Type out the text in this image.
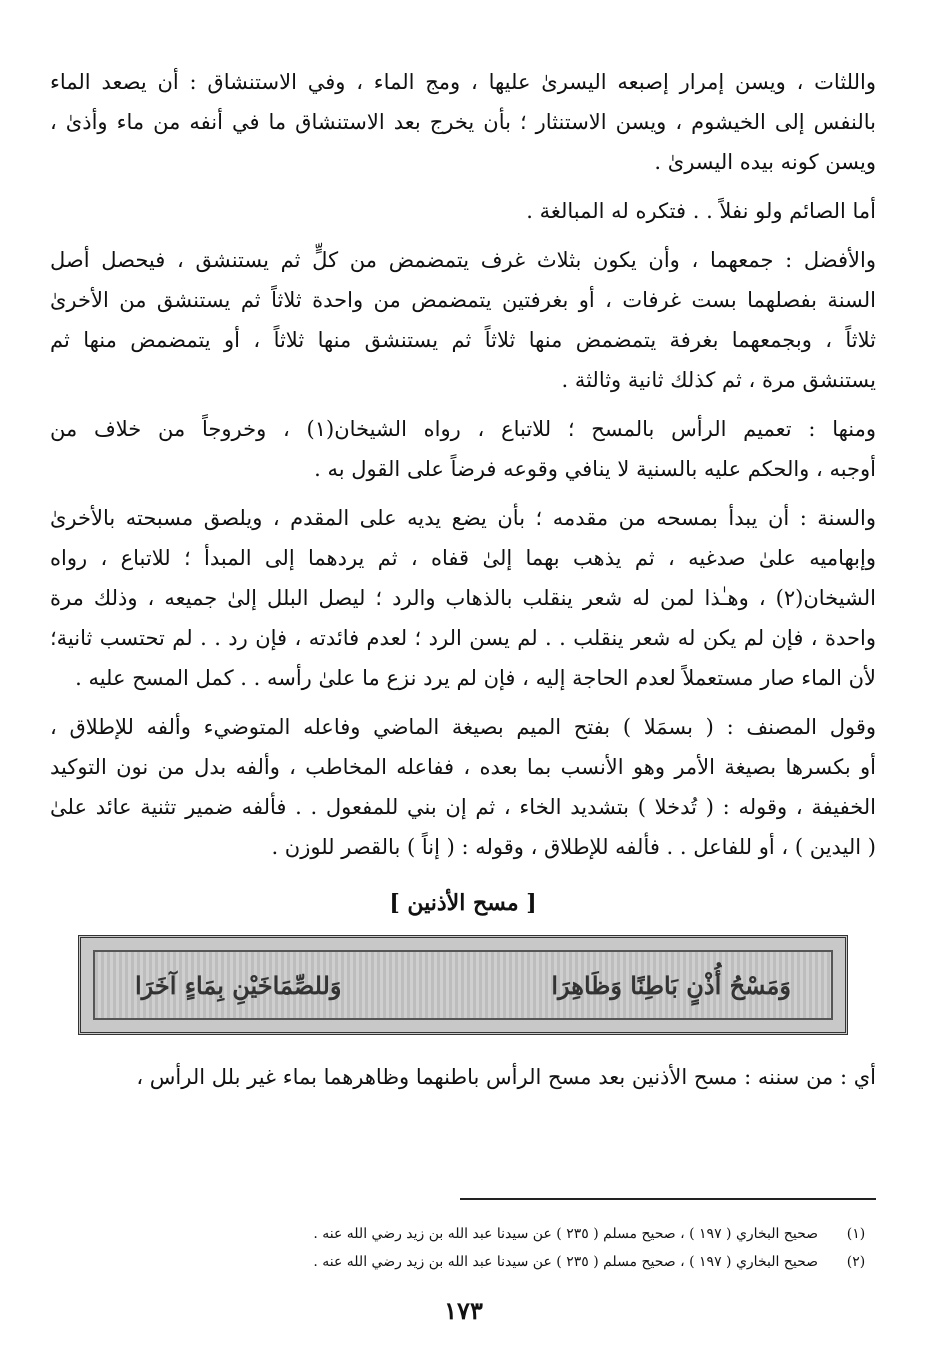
واللثات ، ويسن إمرار إصبعه اليسرىٰ عليها ، ومج الماء ، وفي الاستنشاق : أن يصعد الماء
بالنفس إلى الخيشوم ، ويسن الاستنثار ؛ بأن يخرج بعد الاستنشاق ما في أنفه من ماء وأذىٰ ،
ويسن كونه بيده اليسرىٰ .
أما الصائم ولو نفلاً . . فتكره له المبالغة .
والأفضل : جمعهما ، وأن يكون بثلاث غرف يتمضمض من كلٍّ ثم يستنشق ، فيحصل أصل
السنة بفصلهما بست غرفات ، أو بغرفتين يتمضمض من واحدة ثلاثاً ثم يستنشق من الأخرىٰ
ثلاثاً ، وبجمعهما بغرفة يتمضمض منها ثلاثاً ثم يستنشق منها ثلاثاً ، أو يتمضمض منها ثم
يستنشق مرة ، ثم كذلك ثانية وثالثة .
ومنها : تعميم الرأس بالمسح ؛ للاتباع ، رواه الشيخان(١) ، وخروجاً من خلاف من
أوجبه ، والحكم عليه بالسنية لا ينافي وقوعه فرضاً على القول به .
والسنة : أن يبدأ بمسحه من مقدمه ؛ بأن يضع يديه على المقدم ، ويلصق مسبحته بالأخرىٰ
وإبهاميه علىٰ صدغيه ، ثم يذهب بهما إلىٰ قفاه ، ثم يردهما إلى المبدأ ؛ للاتباع ، رواه
الشيخان(٢) ، وهـٰذا لمن له شعر ينقلب بالذهاب والرد ؛ ليصل البلل إلىٰ جميعه ، وذلك مرة
واحدة ، فإن لم يكن له شعر ينقلب . . لم يسن الرد ؛ لعدم فائدته ، فإن رد . . لم تحتسب ثانية؛
لأن الماء صار مستعملاً لعدم الحاجة إليه ، فإن لم يرد نزع ما علىٰ رأسه . . كمل المسح عليه .
وقول المصنف : ( بسمَلا ) بفتح الميم بصيغة الماضي وفاعله المتوضيء وألفه للإطلاق ،
أو بكسرها بصيغة الأمر وهو الأنسب بما بعده ، ففاعله المخاطب ، وألفه بدل من نون التوكيد
الخفيفة ، وقوله : ( تُدخلا ) بتشديد الخاء ، ثم إن بني للمفعول . . فألفه ضمير تثنية عائد علىٰ
( اليدين ) ، أو للفاعل . . فألفه للإطلاق ، وقوله : ( إناً ) بالقصر للوزن .
[ مسح الأذنين ]
وَمَسْحُ أُذْنٍ بَاطِنًا وَظَاهِرَا
وَللصِّمَاخَيْنِ بِمَاءٍ آخَرَا
أي : من سننه : مسح الأذنين بعد مسح الرأس باطنهما وظاهرهما بماء غير بلل الرأس ،
(١)
صحيح البخاري ( ١٩٧ ) ، صحيح مسلم ( ٢٣٥ ) عن سيدنا عبد الله بن زيد رضي الله عنه .
(٢)
صحيح البخاري ( ١٩٧ ) ، صحيح مسلم ( ٢٣٥ ) عن سيدنا عبد الله بن زيد رضي الله عنه .
١٧٣
